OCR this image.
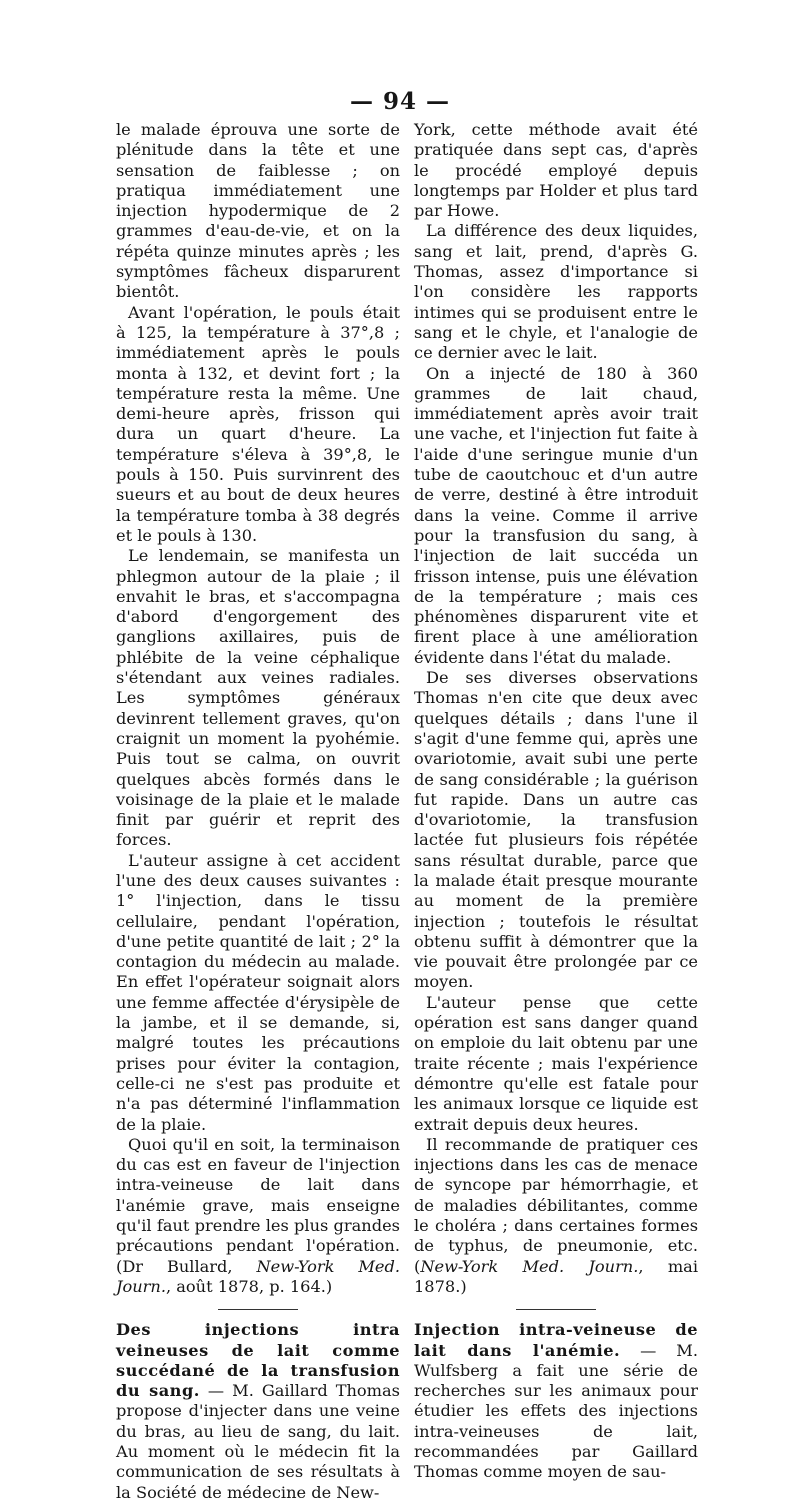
— 94 —

le malade éprouva une sorte de plénitude dans la tête et une sensation de faiblesse ; on pratiqua immédiatement une injection hypodermique de 2 grammes d'eau-de-vie, et on la répéta quinze minutes après ; les symptômes fâcheux disparurent bientôt.

Avant l'opération, le pouls était à 125, la température à 37°,8 ; immédiatement après le pouls monta à 132, et devint fort ; la température resta la même. Une demi-heure après, frisson qui dura un quart d'heure. La température s'éleva à 39°,8, le pouls à 150. Puis survinrent des sueurs et au bout de deux heures la température tomba à 38 degrés et le pouls à 130.

Le lendemain, se manifesta un phlegmon autour de la plaie ; il envahit le bras, et s'accompagna d'abord d'engorgement des ganglions axillaires, puis de phlébite de la veine céphalique s'étendant aux veines radiales. Les symptômes généraux devinrent tellement graves, qu'on craignit un moment la pyohémie. Puis tout se calma, on ouvrit quelques abcès formés dans le voisinage de la plaie et le malade finit par guérir et reprit des forces.

L'auteur assigne à cet accident l'une des deux causes suivantes : 1° l'injection, dans le tissu cellulaire, pendant l'opération, d'une petite quantité de lait ; 2° la contagion du médecin au malade. En effet l'opérateur soignait alors une femme affectée d'érysipèle de la jambe, et il se demande, si, malgré toutes les précautions prises pour éviter la contagion, celle-ci ne s'est pas produite et n'a pas déterminé l'inflammation de la plaie.

Quoi qu'il en soit, la terminaison du cas est en faveur de l'injection intra-veineuse de lait dans l'anémie grave, mais enseigne qu'il faut prendre les plus grandes précautions pendant l'opération. (Dr Bullard, New-York Med. Journ., août 1878, p. 164.)

Des injections intra veineuses de lait comme succédané de la transfusion du sang. — M. Gaillard Thomas propose d'injecter dans une veine du bras, au lieu de sang, du lait. Au moment où le médecin fit la communication de ses résultats à la Société de médecine de New-

York, cette méthode avait été pratiquée dans sept cas, d'après le procédé employé depuis longtemps par Holder et plus tard par Howe.

La différence des deux liquides, sang et lait, prend, d'après G. Thomas, assez d'importance si l'on considère les rapports intimes qui se produisent entre le sang et le chyle, et l'analogie de ce dernier avec le lait.

On a injecté de 180 à 360 grammes de lait chaud, immédiatement après avoir trait une vache, et l'injection fut faite à l'aide d'une seringue munie d'un tube de caoutchouc et d'un autre de verre, destiné à être introduit dans la veine. Comme il arrive pour la transfusion du sang, à l'injection de lait succéda un frisson intense, puis une élévation de la température ; mais ces phénomènes disparurent vite et firent place à une amélioration évidente dans l'état du malade.

De ses diverses observations Thomas n'en cite que deux avec quelques détails ; dans l'une il s'agit d'une femme qui, après une ovariotomie, avait subi une perte de sang considérable ; la guérison fut rapide. Dans un autre cas d'ovariotomie, la transfusion lactée fut plusieurs fois répétée sans résultat durable, parce que la malade était presque mourante au moment de la première injection ; toutefois le résultat obtenu suffit à démontrer que la vie pouvait être prolongée par ce moyen.

L'auteur pense que cette opération est sans danger quand on emploie du lait obtenu par une traite récente ; mais l'expérience démontre qu'elle est fatale pour les animaux lorsque ce liquide est extrait depuis deux heures.

Il recommande de pratiquer ces injections dans les cas de menace de syncope par hémorrhagie, et de maladies débilitantes, comme le choléra ; dans certaines formes de typhus, de pneumonie, etc. (New-York Med. Journ., mai 1878.)

Injection intra-veineuse de lait dans l'anémie. — M. Wulfsberg a fait une série de recherches sur les animaux pour étudier les effets des injections intra-veineuses de lait, recommandées par Gaillard Thomas comme moyen de sau-
